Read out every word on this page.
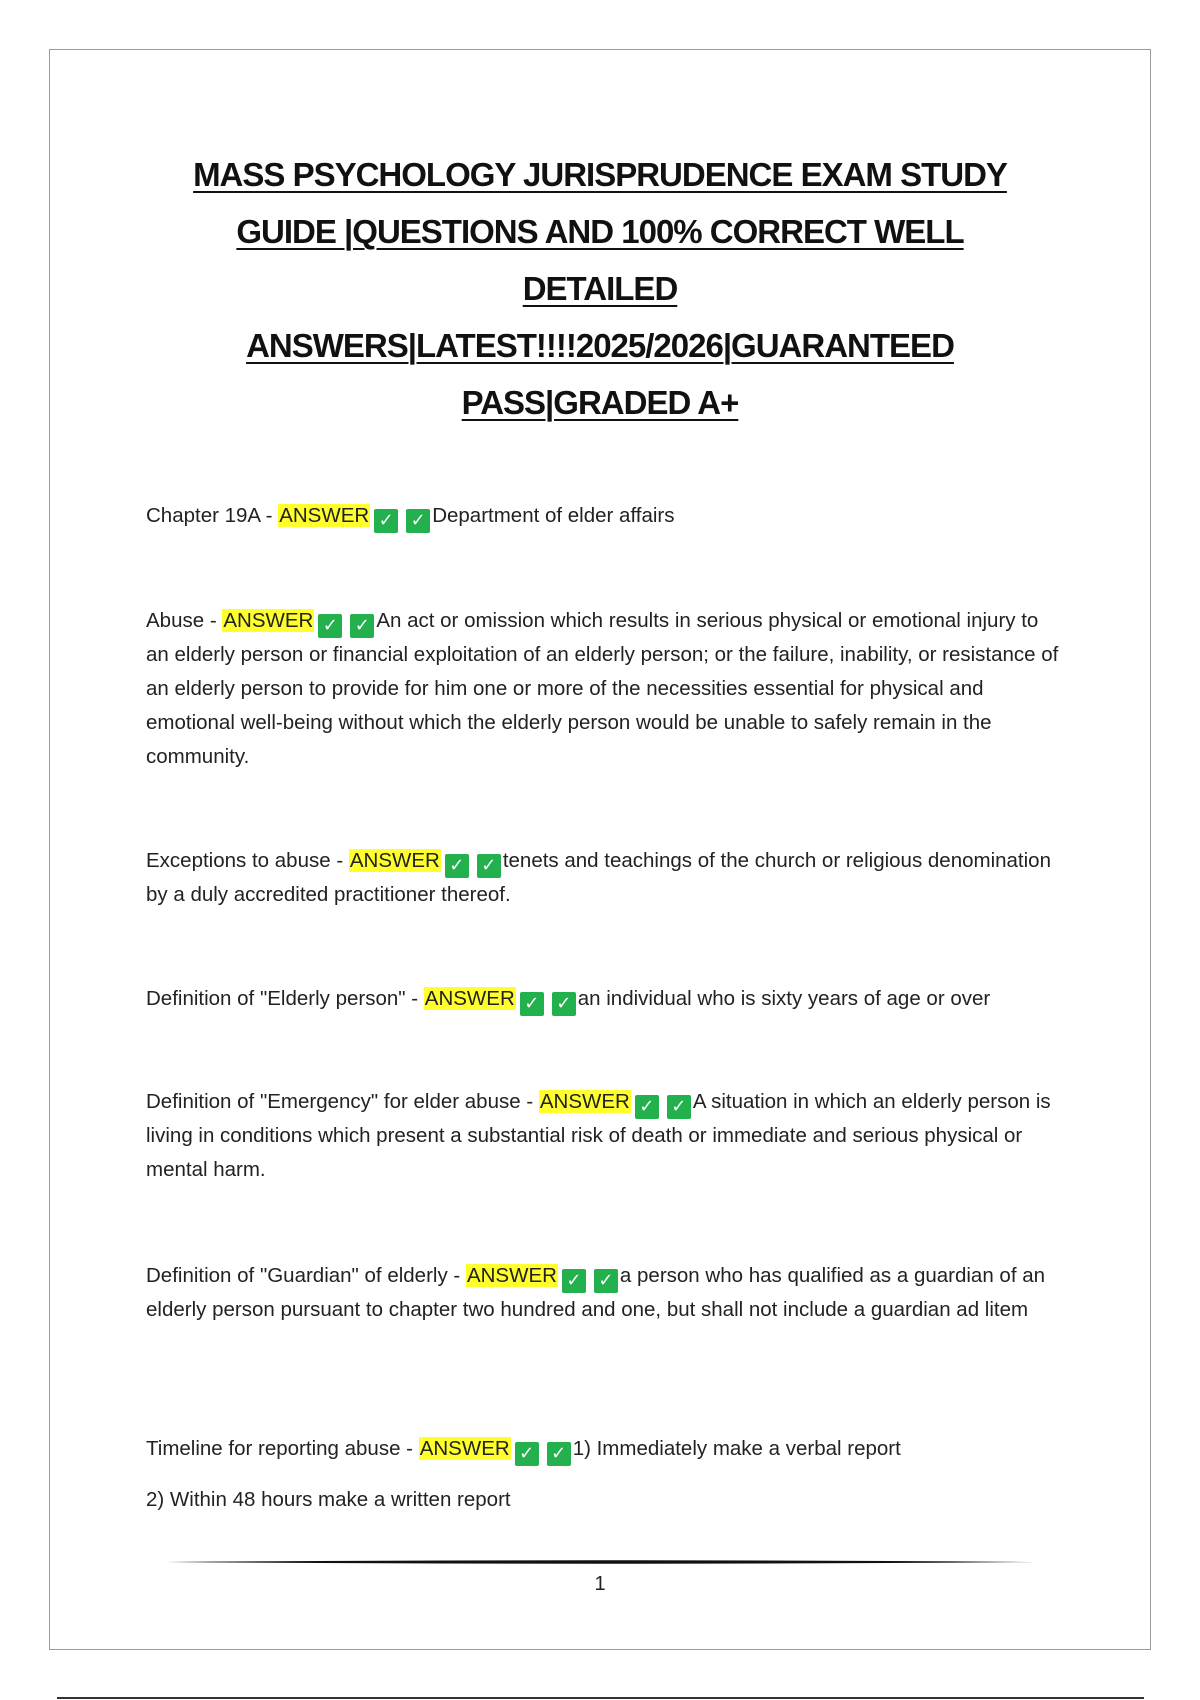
MASS PSYCHOLOGY JURISPRUDENCE EXAM STUDY
GUIDE |QUESTIONS AND 100% CORRECT WELL
DETAILED
ANSWERS|LATEST!!!!2025/2026|GUARANTEED
PASS|GRADED A+

Chapter 19A - ANSWER ✓ ✓ Department of elder affairs

Abuse - ANSWER ✓ ✓ An act or omission which results in serious physical or emotional injury to an elderly person or financial exploitation of an elderly person; or the failure, inability, or resistance of an elderly person to provide for him one or more of the necessities essential for physical and emotional well-being without which the elderly person would be unable to safely remain in the community.

Exceptions to abuse - ANSWER ✓ ✓ tenets and teachings of the church or religious denomination by a duly accredited practitioner thereof.

Definition of "Elderly person" - ANSWER ✓ ✓ an individual who is sixty years of age or over

Definition of "Emergency" for elder abuse - ANSWER ✓ ✓ A situation in which an elderly person is living in conditions which present a substantial risk of death or immediate and serious physical or mental harm.

Definition of "Guardian" of elderly - ANSWER ✓ ✓ a person who has qualified as a guardian of an elderly person pursuant to chapter two hundred and one, but shall not include a guardian ad litem

Timeline for reporting abuse - ANSWER ✓ ✓ 1) Immediately make a verbal report

2) Within 48 hours make a written report

1
